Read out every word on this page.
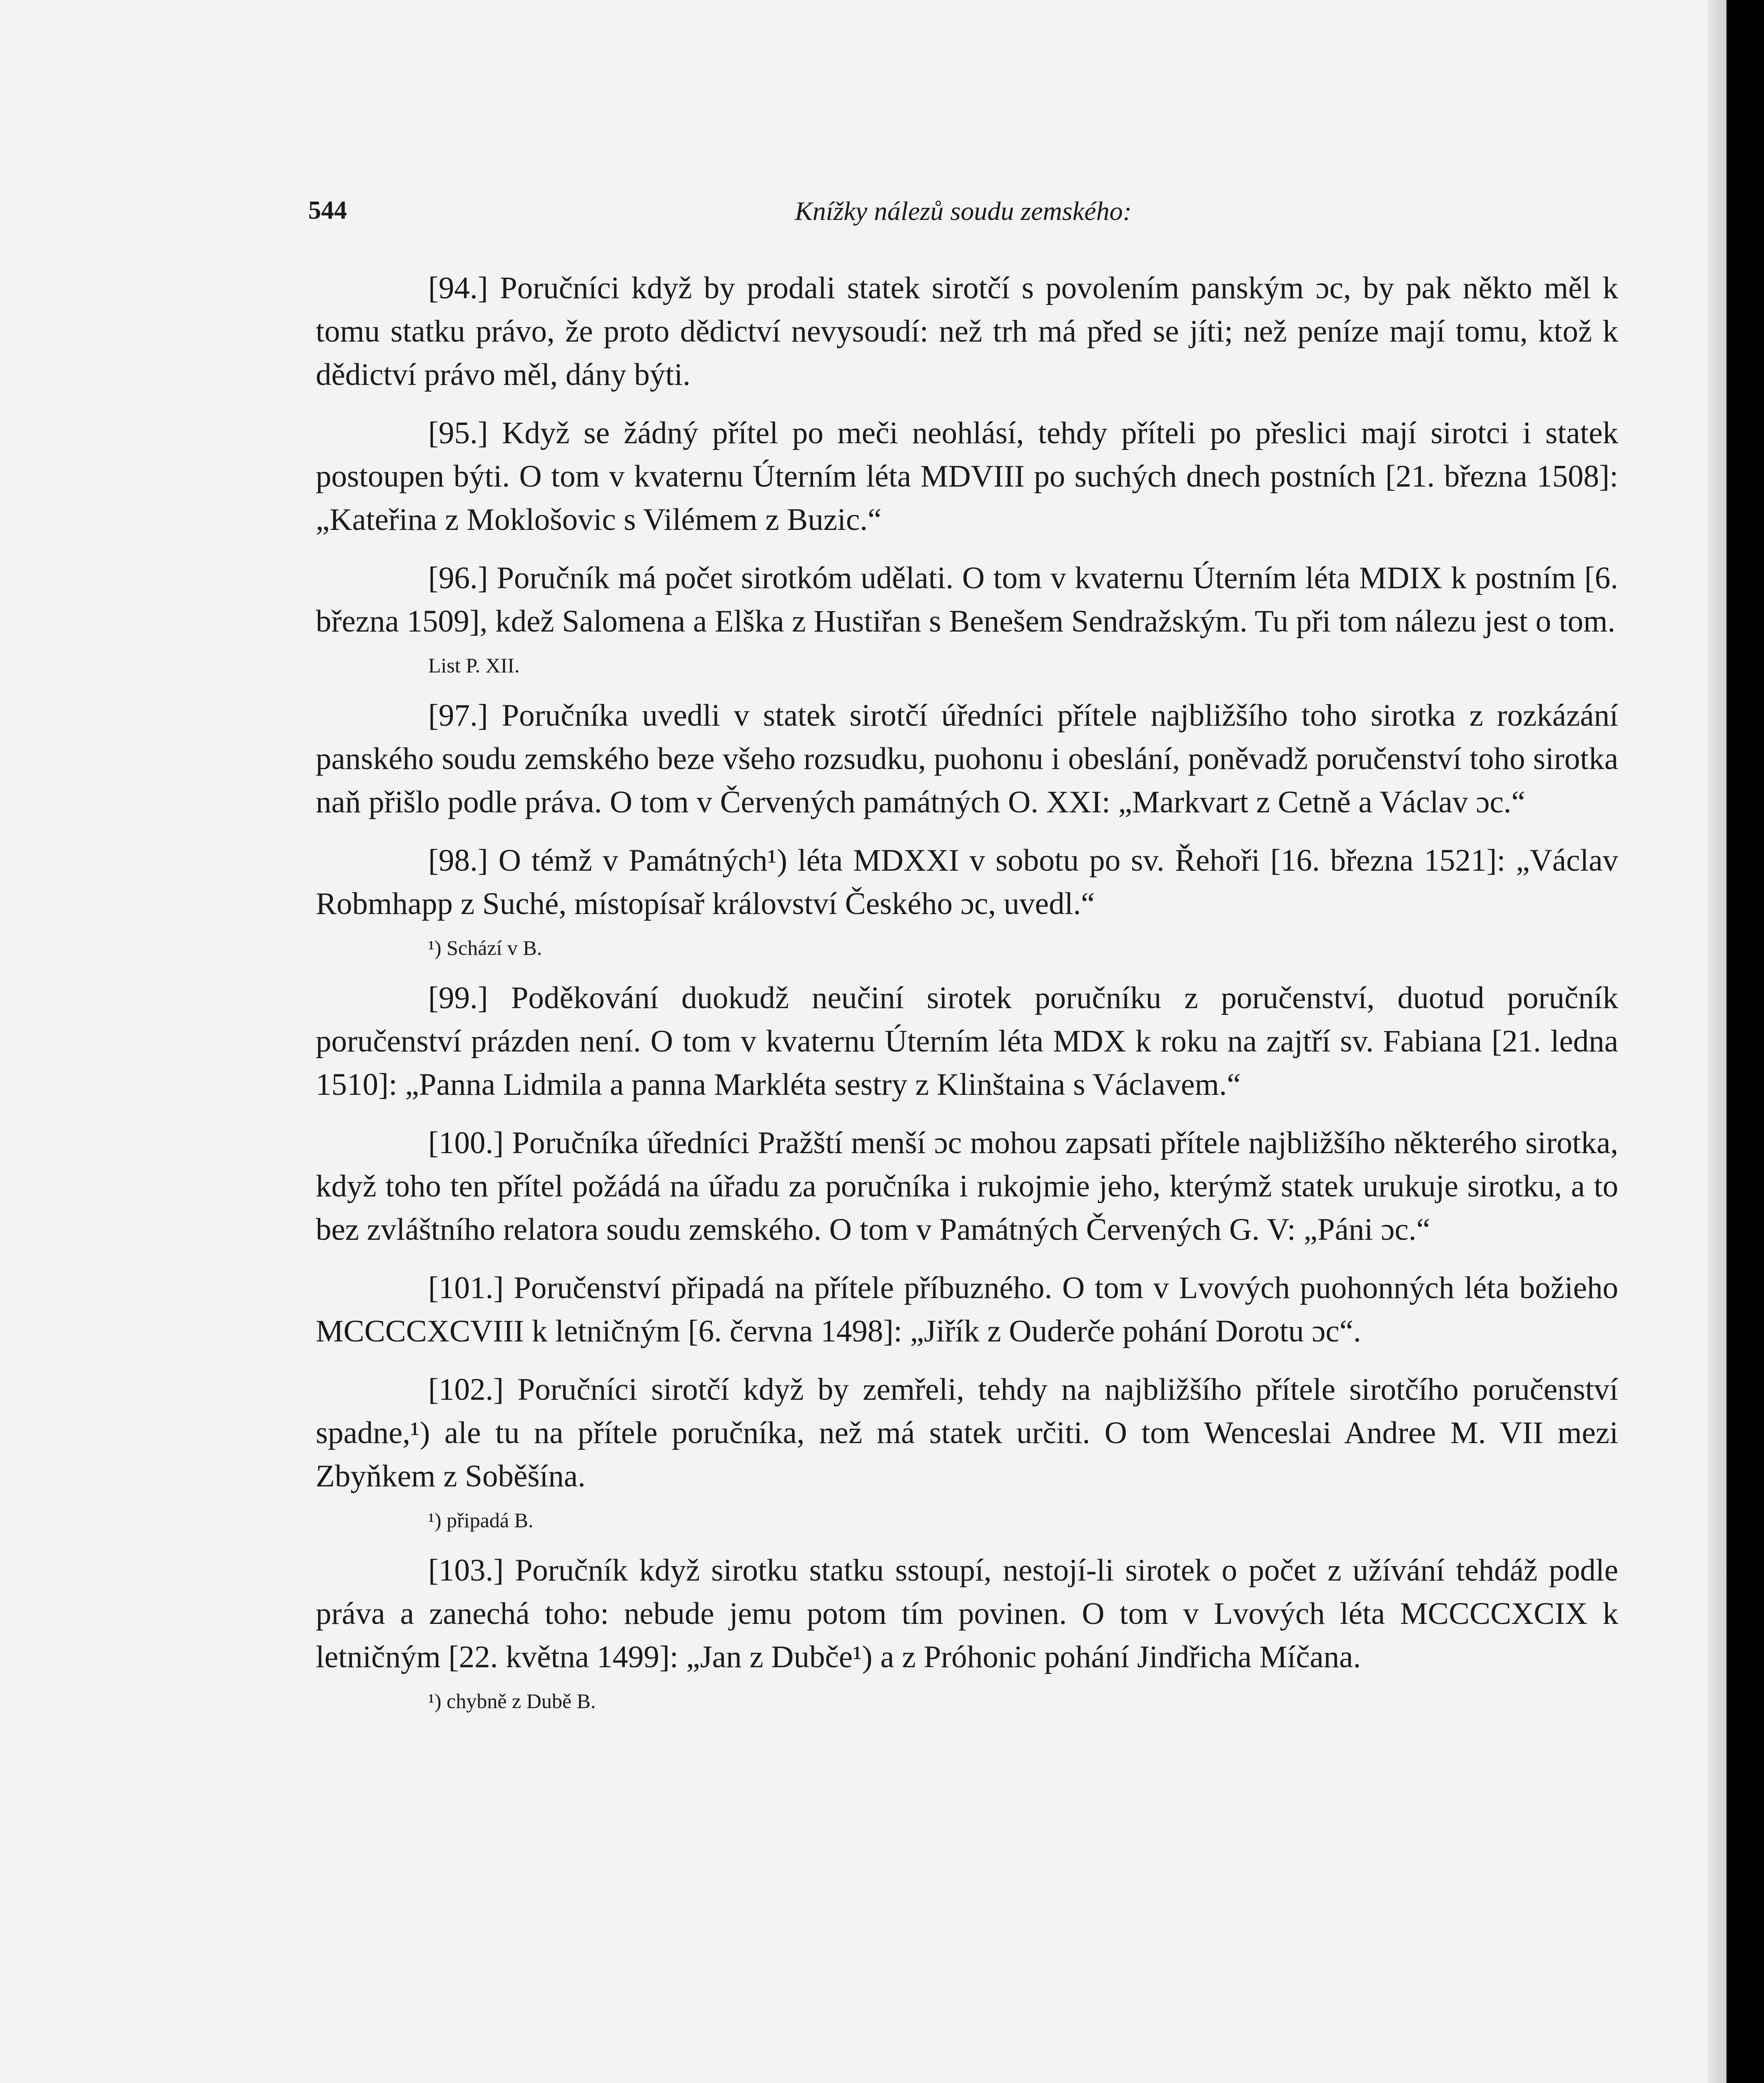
544	Knížky nálezů soudu zemského:

[94.] Poručníci když by prodali statek sirotčí s povolením panským ɔc, by pak někto měl k tomu statku právo, že proto dědictví nevysoudí: než trh má před se jíti; než peníze mají tomu, ktož k dědictví právo měl, dány býti.

[95.] Když se žádný přítel po meči neohlásí, tehdy příteli po přeslici mají sirotci i statek postoupen býti. O tom v kvaternu Úterním léta MDVIII po suchých dnech postních [21. března 1508]: „Kateřina z Moklošovic s Vilémem z Buzic.“

[96.] Poručník má počet sirotkóm udělati. O tom v kvaternu Úterním léta MDIX k postním [6. března 1509], kdež Salomena a Elška z Hustiřan s Benešem Sendražským. Tu při tom nálezu jest o tom.

List P. XII.

[97.] Poručníka uvedli v statek sirotčí úředníci přítele najbližšího toho sirotka z rozkázání panského soudu zemského beze všeho rozsudku, puohonu i obeslání, poněvadž poručenství toho sirotka naň přišlo podle práva. O tom v Červených památných O. XXI: „Markvart z Cetně a Václav ɔc.“

[98.] O témž v Památných¹) léta MDXXI v sobotu po sv. Řehoři [16. března 1521]: „Václav Robmhapp z Suché, místopísař království Českého ɔc, uvedl.“

¹) Schází v B.

[99.] Poděkování duokudž neučiní sirotek poručníku z poručenství, duotud poručník poručenství prázden není. O tom v kvaternu Úterním léta MDX k roku na zajtří sv. Fabiana [21. ledna 1510]: „Panna Lidmila a panna Markléta sestry z Klinštaina s Václavem.“

[100.] Poručníka úředníci Pražští menší ɔc mohou zapsati přítele najbližšího některého sirotka, když toho ten přítel požádá na úřadu za poručníka i rukojmie jeho, kterýmž statek urukuje sirotku, a to bez zvláštního relatora soudu zemského. O tom v Památných Červených G. V: „Páni ɔc.“

[101.] Poručenství připadá na přítele příbuzného. O tom v Lvových puohonných léta božieho MCCCCXCVIII k letničným [6. června 1498]: „Jiřík z Ouderče pohání Dorotu ɔc“.

[102.] Poručníci sirotčí když by zemřeli, tehdy na najbližšího přítele sirotčího poručenství spadne,¹) ale tu na přítele poručníka, než má statek určiti. O tom Wenceslai Andree M. VII mezi Zbyňkem z Soběšína.

¹) připadá B.

[103.] Poručník když sirotku statku sstoupí, nestojí-li sirotek o počet z užívání tehdáž podle práva a zanechá toho: nebude jemu potom tím povinen. O tom v Lvových léta MCCCCXCIX k letničným [22. května 1499]: „Jan z Dubče¹) a z Próhonic pohání Jindřicha Míčana.

¹) chybně z Dubě B.
